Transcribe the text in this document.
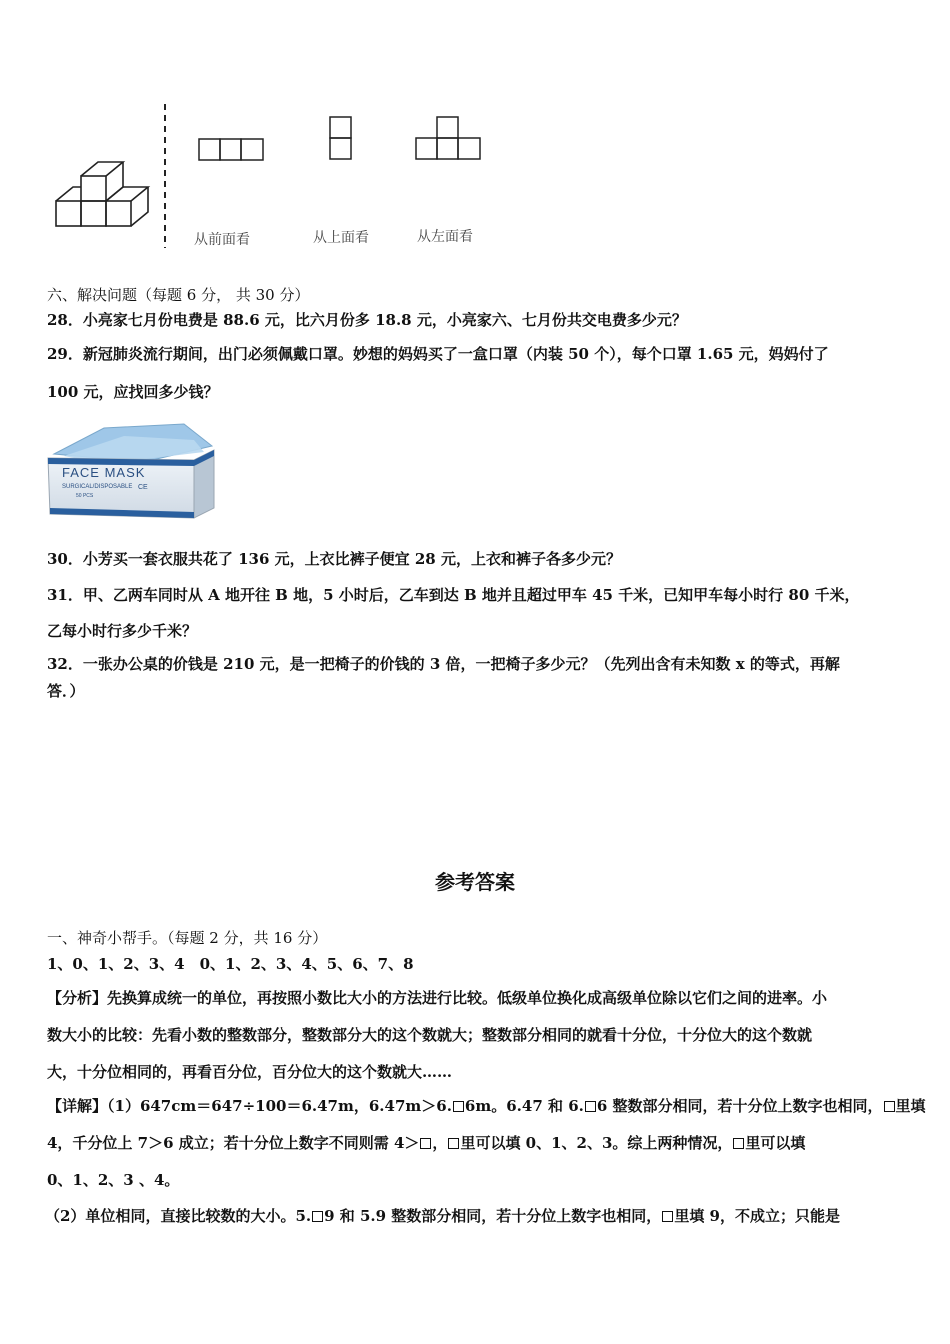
从前面看	从上面看	从左面看
六、解决问题（每题 6 分， 共 30 分）
28．小亮家七月份电费是 88.6 元，比六月份多 18.8 元，小亮家六、七月份共交电费多少元？
29．新冠肺炎流行期间，出门必须佩戴口罩。妙想的妈妈买了一盒口罩（内装 50 个），每个口罩 1.65 元，妈妈付了
100 元，应找回多少钱？
FACE MASK
SURGICAL/DISPOSABLE
50 PCS
CE
30．小芳买一套衣服共花了 136 元，上衣比裤子便宜 28 元，上衣和裤子各多少元？
31．甲、乙两车同时从 A 地开往 B 地，5 小时后，乙车到达 B 地并且超过甲车 45 千米，已知甲车每小时行 80 千米，
乙每小时行多少千米？
32．一张办公桌的价钱是 210 元，是一把椅子的价钱的 3 倍，一把椅子多少元？（先列出含有未知数 x 的等式，再解
答．）
参考答案
一、神奇小帮手。（每题 2 分，共 16 分）
1、0、1、2、3、4　0、1、2、3、4、5、6、7、8
【分析】先换算成统一的单位，再按照小数比大小的方法进行比较。低级单位换化成高级单位除以它们之间的进率。小
数大小的比较：先看小数的整数部分，整数部分大的这个数就大；整数部分相同的就看十分位，十分位大的这个数就
大，十分位相同的，再看百分位，百分位大的这个数就大……
【详解】（1）647cm＝647÷100＝6.47m，6.47m＞6. 6m。6.47 和 6. 6 整数部分相同，若十分位上数字也相同， 里填
4，千分位上 7＞6 成立；若十分位上数字不同则需 4＞ ， 里可以填 0、1、2、3。综上两种情况， 里可以填
0、1、2、3 、4。
（2）单位相同，直接比较数的大小。5. 9 和 5.9 整数部分相同，若十分位上数字也相同， 里填 9，不成立；只能是
